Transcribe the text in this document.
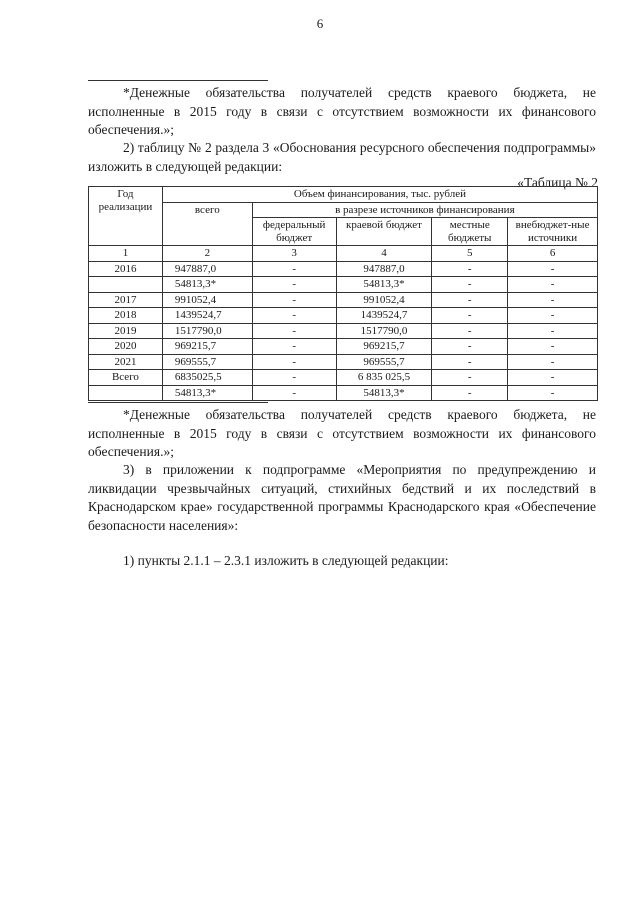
6

*Денежные обязательства получателей средств краевого бюджета, не исполненные в 2015 году в связи с отсутствием возможности их финансового обеспечения.»;

2) таблицу № 2 раздела 3 «Обоснования ресурсного обеспечения подпрограммы» изложить в следующей редакции:

«Таблица № 2
Год реализации	Объем финансирования, тыс. рублей				
	всего	в разрезе источников финансирования			
		федеральный бюджет	краевой бюджет	местные бюджеты	внебюджет-ные источники
1	2	3	4	5	6
2016	947887,0	-	947887,0	-	-
	54813,3*	-	54813,3*	-	-
2017	991052,4	-	991052,4	-	-
2018	1439524,7	-	1439524,7	-	-
2019	1517790,0	-	1517790,0	-	-
2020	969215,7	-	969215,7	-	-
2021	969555,7	-	969555,7	-	-
Всего	6835025,5	-	6 835 025,5	-	-
	54813,3*	-	54813,3*	-	-

*Денежные обязательства получателей средств краевого бюджета, не исполненные в 2015 году в связи с отсутствием возможности их финансового обеспечения.»;

3) в приложении к подпрограмме «Мероприятия по предупреждению и ликвидации чрезвычайных ситуаций, стихийных бедствий и их последствий в Краснодарском крае» государственной программы Краснодарского края «Обеспечение безопасности населения»:

1) пункты 2.1.1 – 2.3.1 изложить в следующей редакции:
